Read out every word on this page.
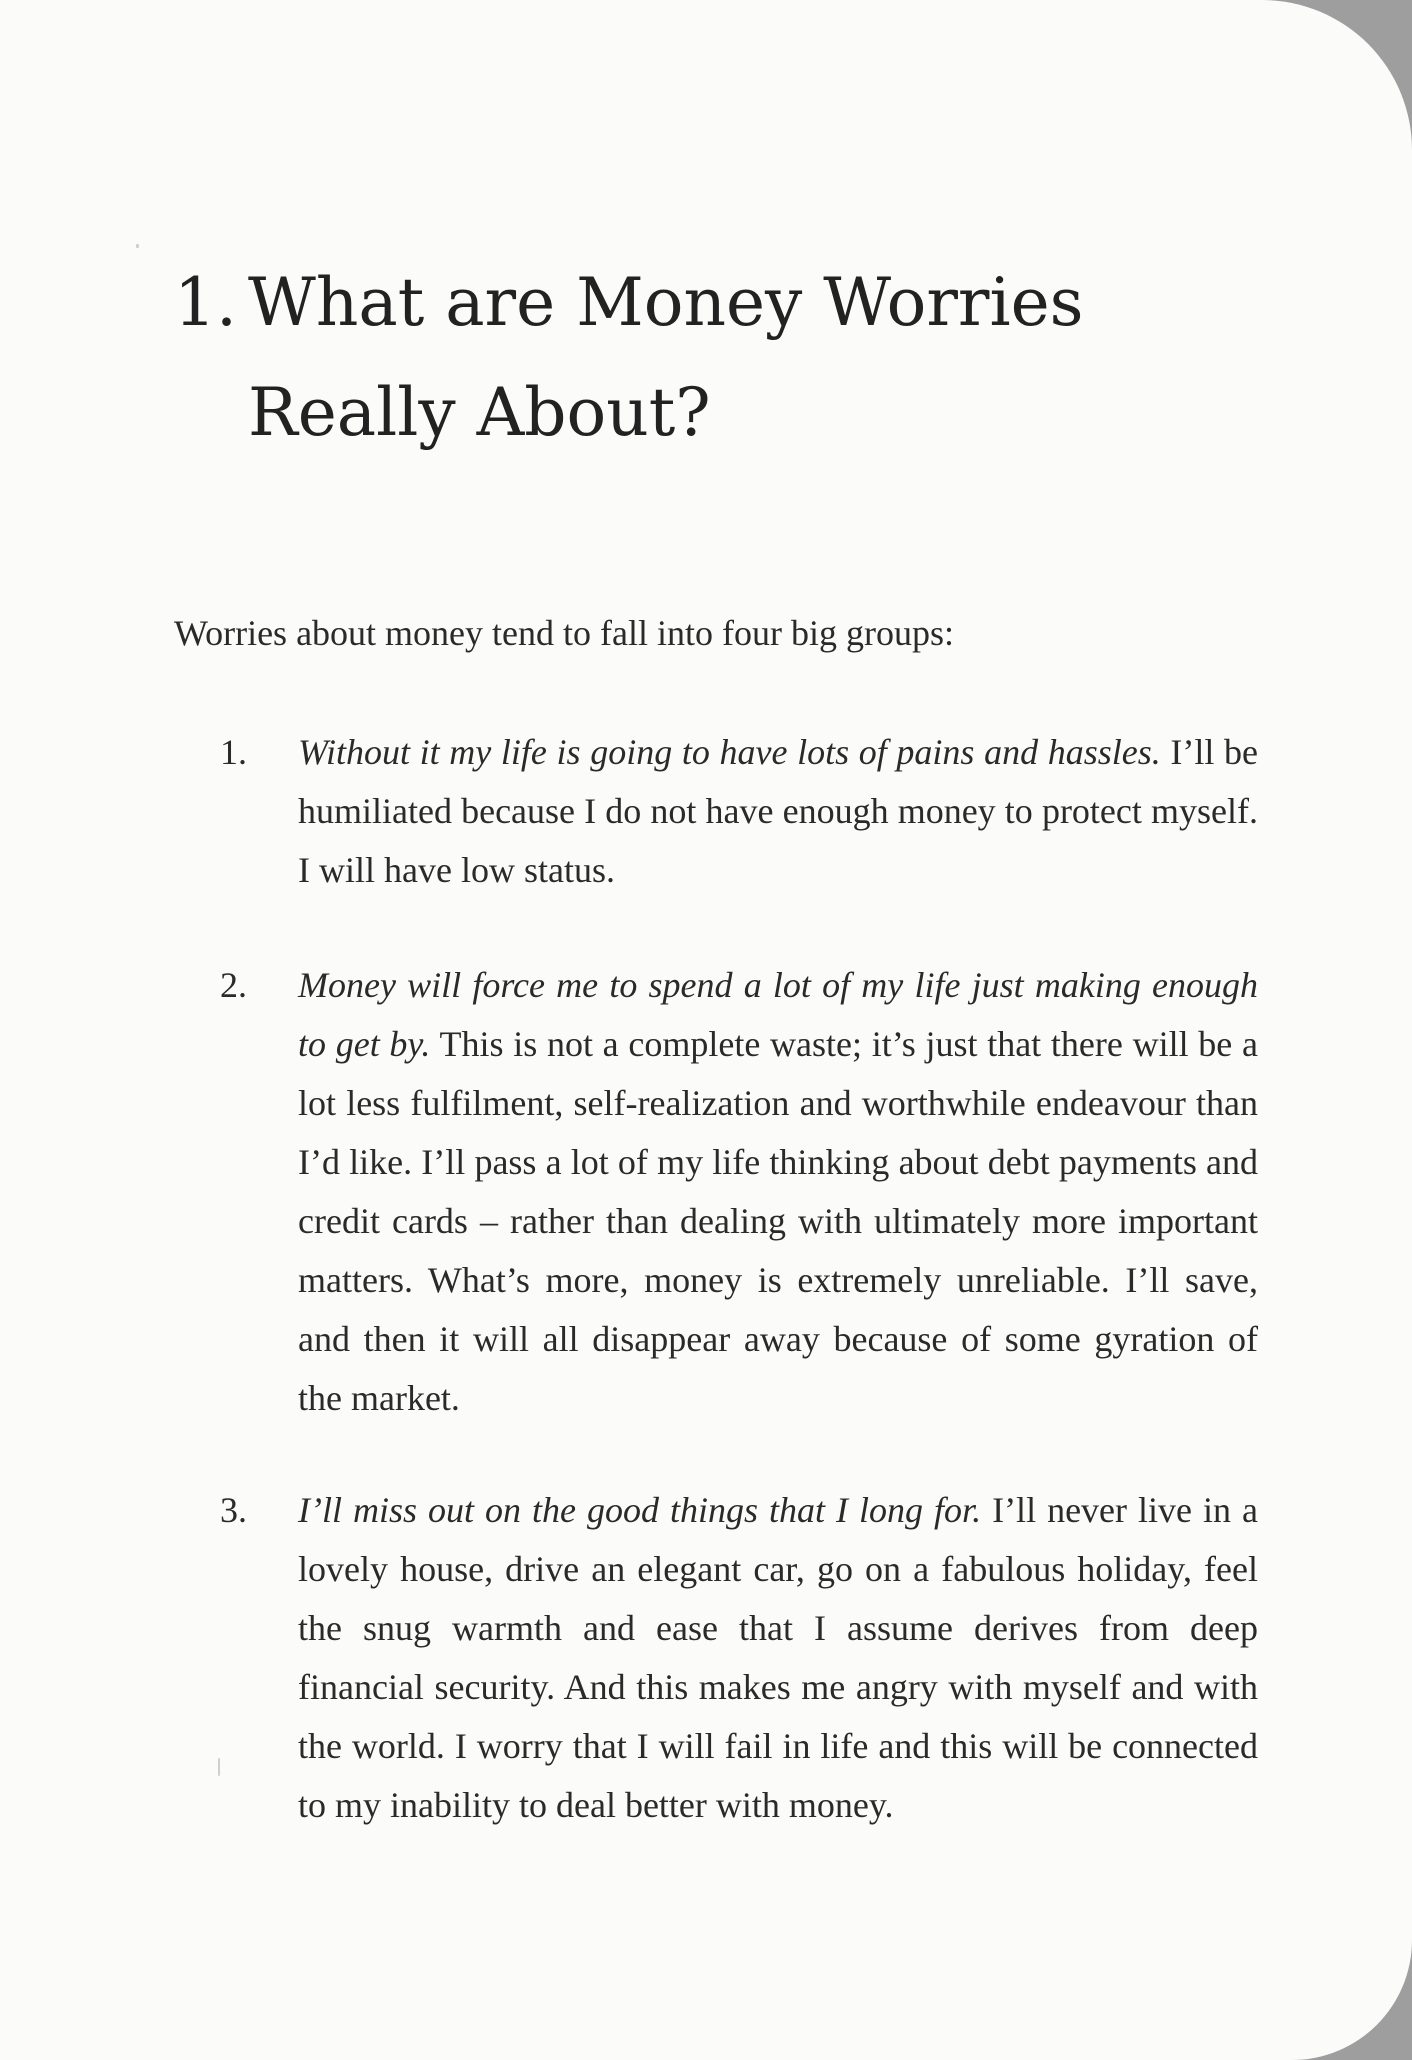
1. What are Money Worries
Really About?

Worries about money tend to fall into four big groups:

1.	Without it my life is going to have lots of pains and hassles. I’ll be humiliated because I do not have enough money to protect myself. I will have low status.

2.	Money will force me to spend a lot of my life just making enough to get by. This is not a complete waste; it’s just that there will be a lot less fulfilment, self-realization and worthwhile endeavour than I’d like. I’ll pass a lot of my life thinking about debt payments and credit cards – rather than dealing with ultimately more important matters. What’s more, money is extremely unreliable. I’ll save, and then it will all disappear away because of some gyration of the market.

3.	I’ll miss out on the good things that I long for. I’ll never live in a lovely house, drive an elegant car, go on a fabulous holiday, feel the snug warmth and ease that I assume derives from deep financial security. And this makes me angry with myself and with the world. I worry that I will fail in life and this will be connected to my inability to deal better with money.
